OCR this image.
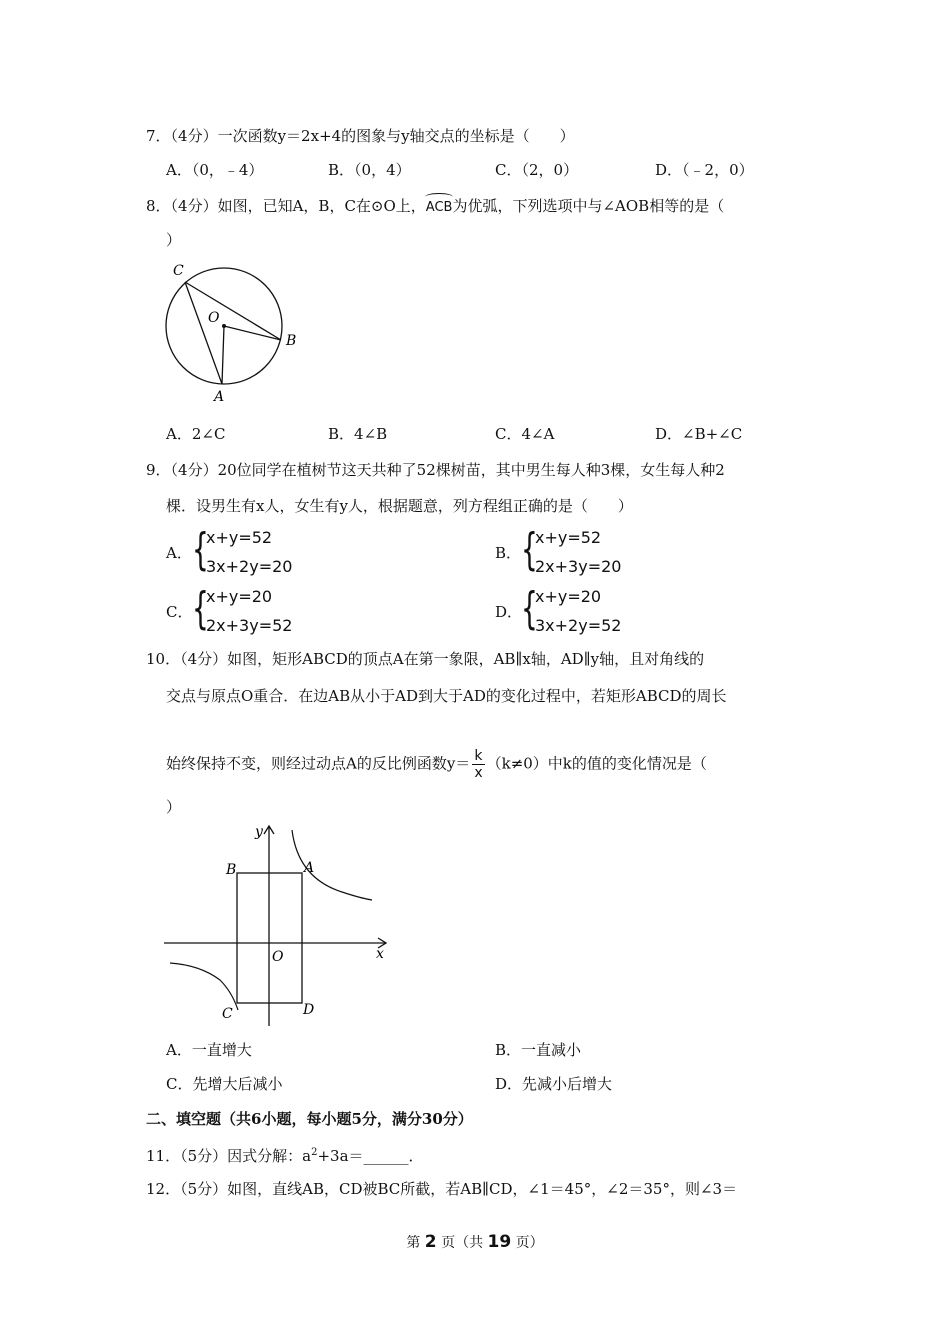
7．（4分）一次函数y＝2x+4的图象与y轴交点的坐标是（　　）
A．（0，﹣4）	B．（0，4）	C．（2，0）	D．（﹣2，0）
8．（4分）如图，已知A，B，C在⊙O上，ACB为优弧，下列选项中与∠AOB相等的是（
）
C
O
B
A
A．2∠C	B．4∠B	C．4∠A	D．∠B+∠C
9．（4分）20位同学在植树节这天共种了52棵树苗，其中男生每人种3棵，女生每人种2
棵．设男生有x人，女生有y人，根据题意，列方程组正确的是（　　）
A． {
x+y=52
3x+2y=20
B． {
x+y=52
2x+3y=20
C． {
x+y=20
2x+3y=52
D．
{
x+y=20
3x+2y=52
10．（4分）如图，矩形ABCD的顶点A在第一象限，AB∥x轴，AD∥y轴，且对角线的
交点与原点O重合．在边AB从小于AD到大于AD的变化过程中，若矩形ABCD的周长
始终保持不变，则经过动点A的反比例函数$y= \frac{k}{x} (k\ne 0)$中k的值的变化情况是（
）
y
x
A
B
C	D
O
A．一直增大	B．一直减小
C．先增大后减小	D．先减小后增大
二、填空题（共6小题，每小题5分，满分30分）
11．（5分）因式分解：$a^2+3a=\_\_\_\_\_\_$．
12．（5分）如图，直线AB，CD被BC所截，若AB∥CD，∠1＝45°，∠2＝35°，则∠3＝
第 2 页（共 19 页）
